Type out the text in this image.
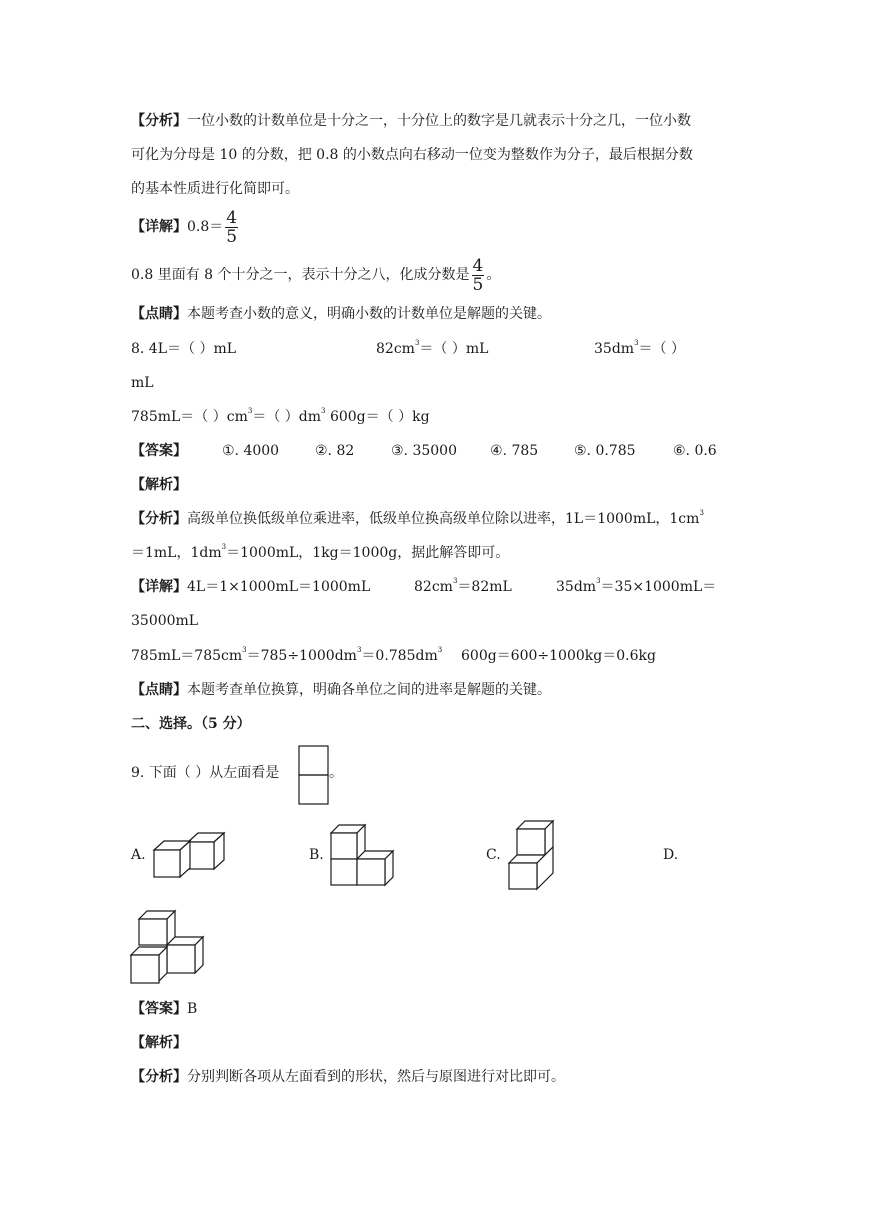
【分析】一位小数的计数单位是十分之一，十分位上的数字是几就表示十分之几，一位小数
可化为分母是 10 的分数，把 0.8 的小数点向右移动一位变为整数作为分子，最后根据分数
的基本性质进行化简即可。
【详解】$0.8= \frac{4}{5}$
0.8 里面有 8 个十分之一，表示十分之八，化成分数是 $\frac{4}{5}$ 。
【点睛】本题考查小数的意义，明确小数的计数单位是解题的关键。
8. 4L＝（ ）mL	$82cm^3=$（ ）mL	$35dm^3=$（ ）
mL
785mL＝（ ）$cm^3=$（ ）$dm^3$ 600g＝（ ）kg
【答案】	①. 4000	②. 82	③. 35000 ④. 785	⑤. 0.785	⑥. 0.6
【解析】
【分析】高级单位换低级单位乘进率，低级单位换高级单位除以进率，1L＝1000mL，$1cm^3$
＝1mL，$1dm^3=1000mL$，1kg＝1000g，据此解答即可。
【详解】4L＝1×1000mL＝1000mL	$82cm^3=82mL$	$35dm^3=35\times 1000mL=$
35000mL
$785mL=785cm^3=785\div 1000dm^3=0.785dm^3$ 600g＝600÷1000kg＝0.6kg
【点睛】本题考查单位换算，明确各单位之间的进率是解题的关键。
二、选择。（5 分）
9. 下面（ ）从左面看是	。
A.	B.	C.	D.
【答案】B
【解析】
【分析】分别判断各项从左面看到的形状，然后与原图进行对比即可。
